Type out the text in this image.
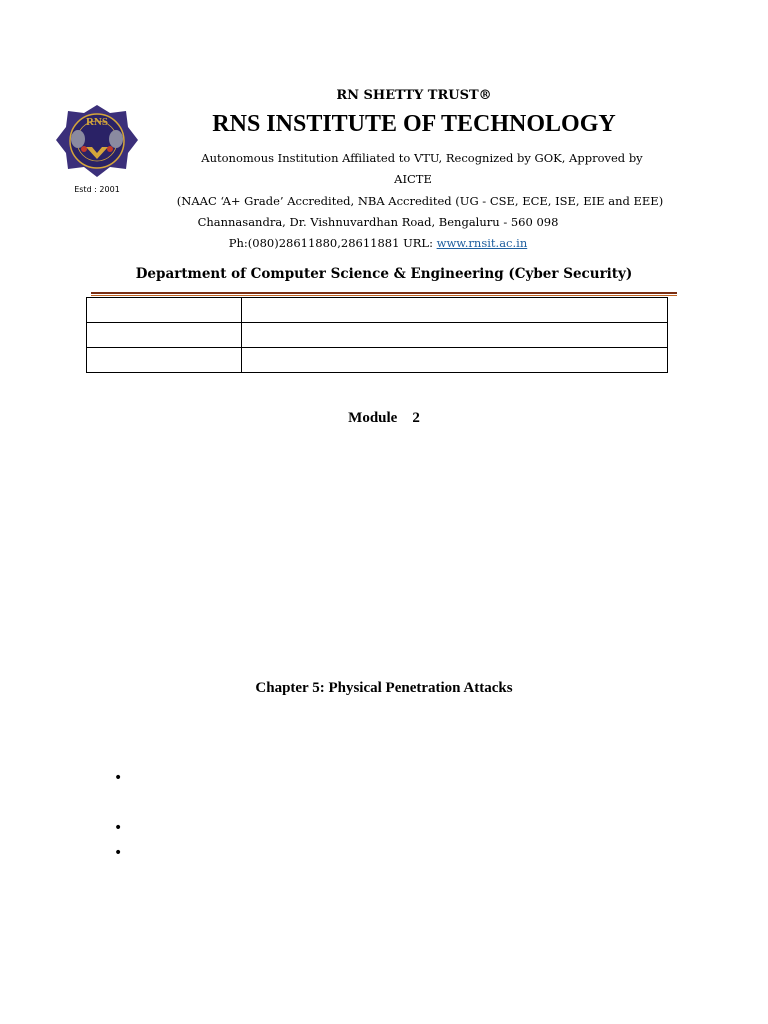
RNS
Estd : 2001
RN SHETTY TRUST®
RNS INSTITUTE OF TECHNOLOGY
Autonomous Institution Affiliated to VTU, Recognized by GOK, Approved by
AICTE
(NAAC ‘A+ Grade’ Accredited, NBA Accredited (UG - CSE, ECE, ISE, EIE and EEE)
Channasandra, Dr. Vishnuvardhan Road, Bengaluru - 560 098
Ph:(080)28611880,28611881 URL: www.rnsit.ac.in
Department of Computer Science & Engineering (Cyber Security)

Module    2
Chapter 5: Physical Penetration Attacks
•
•
•
